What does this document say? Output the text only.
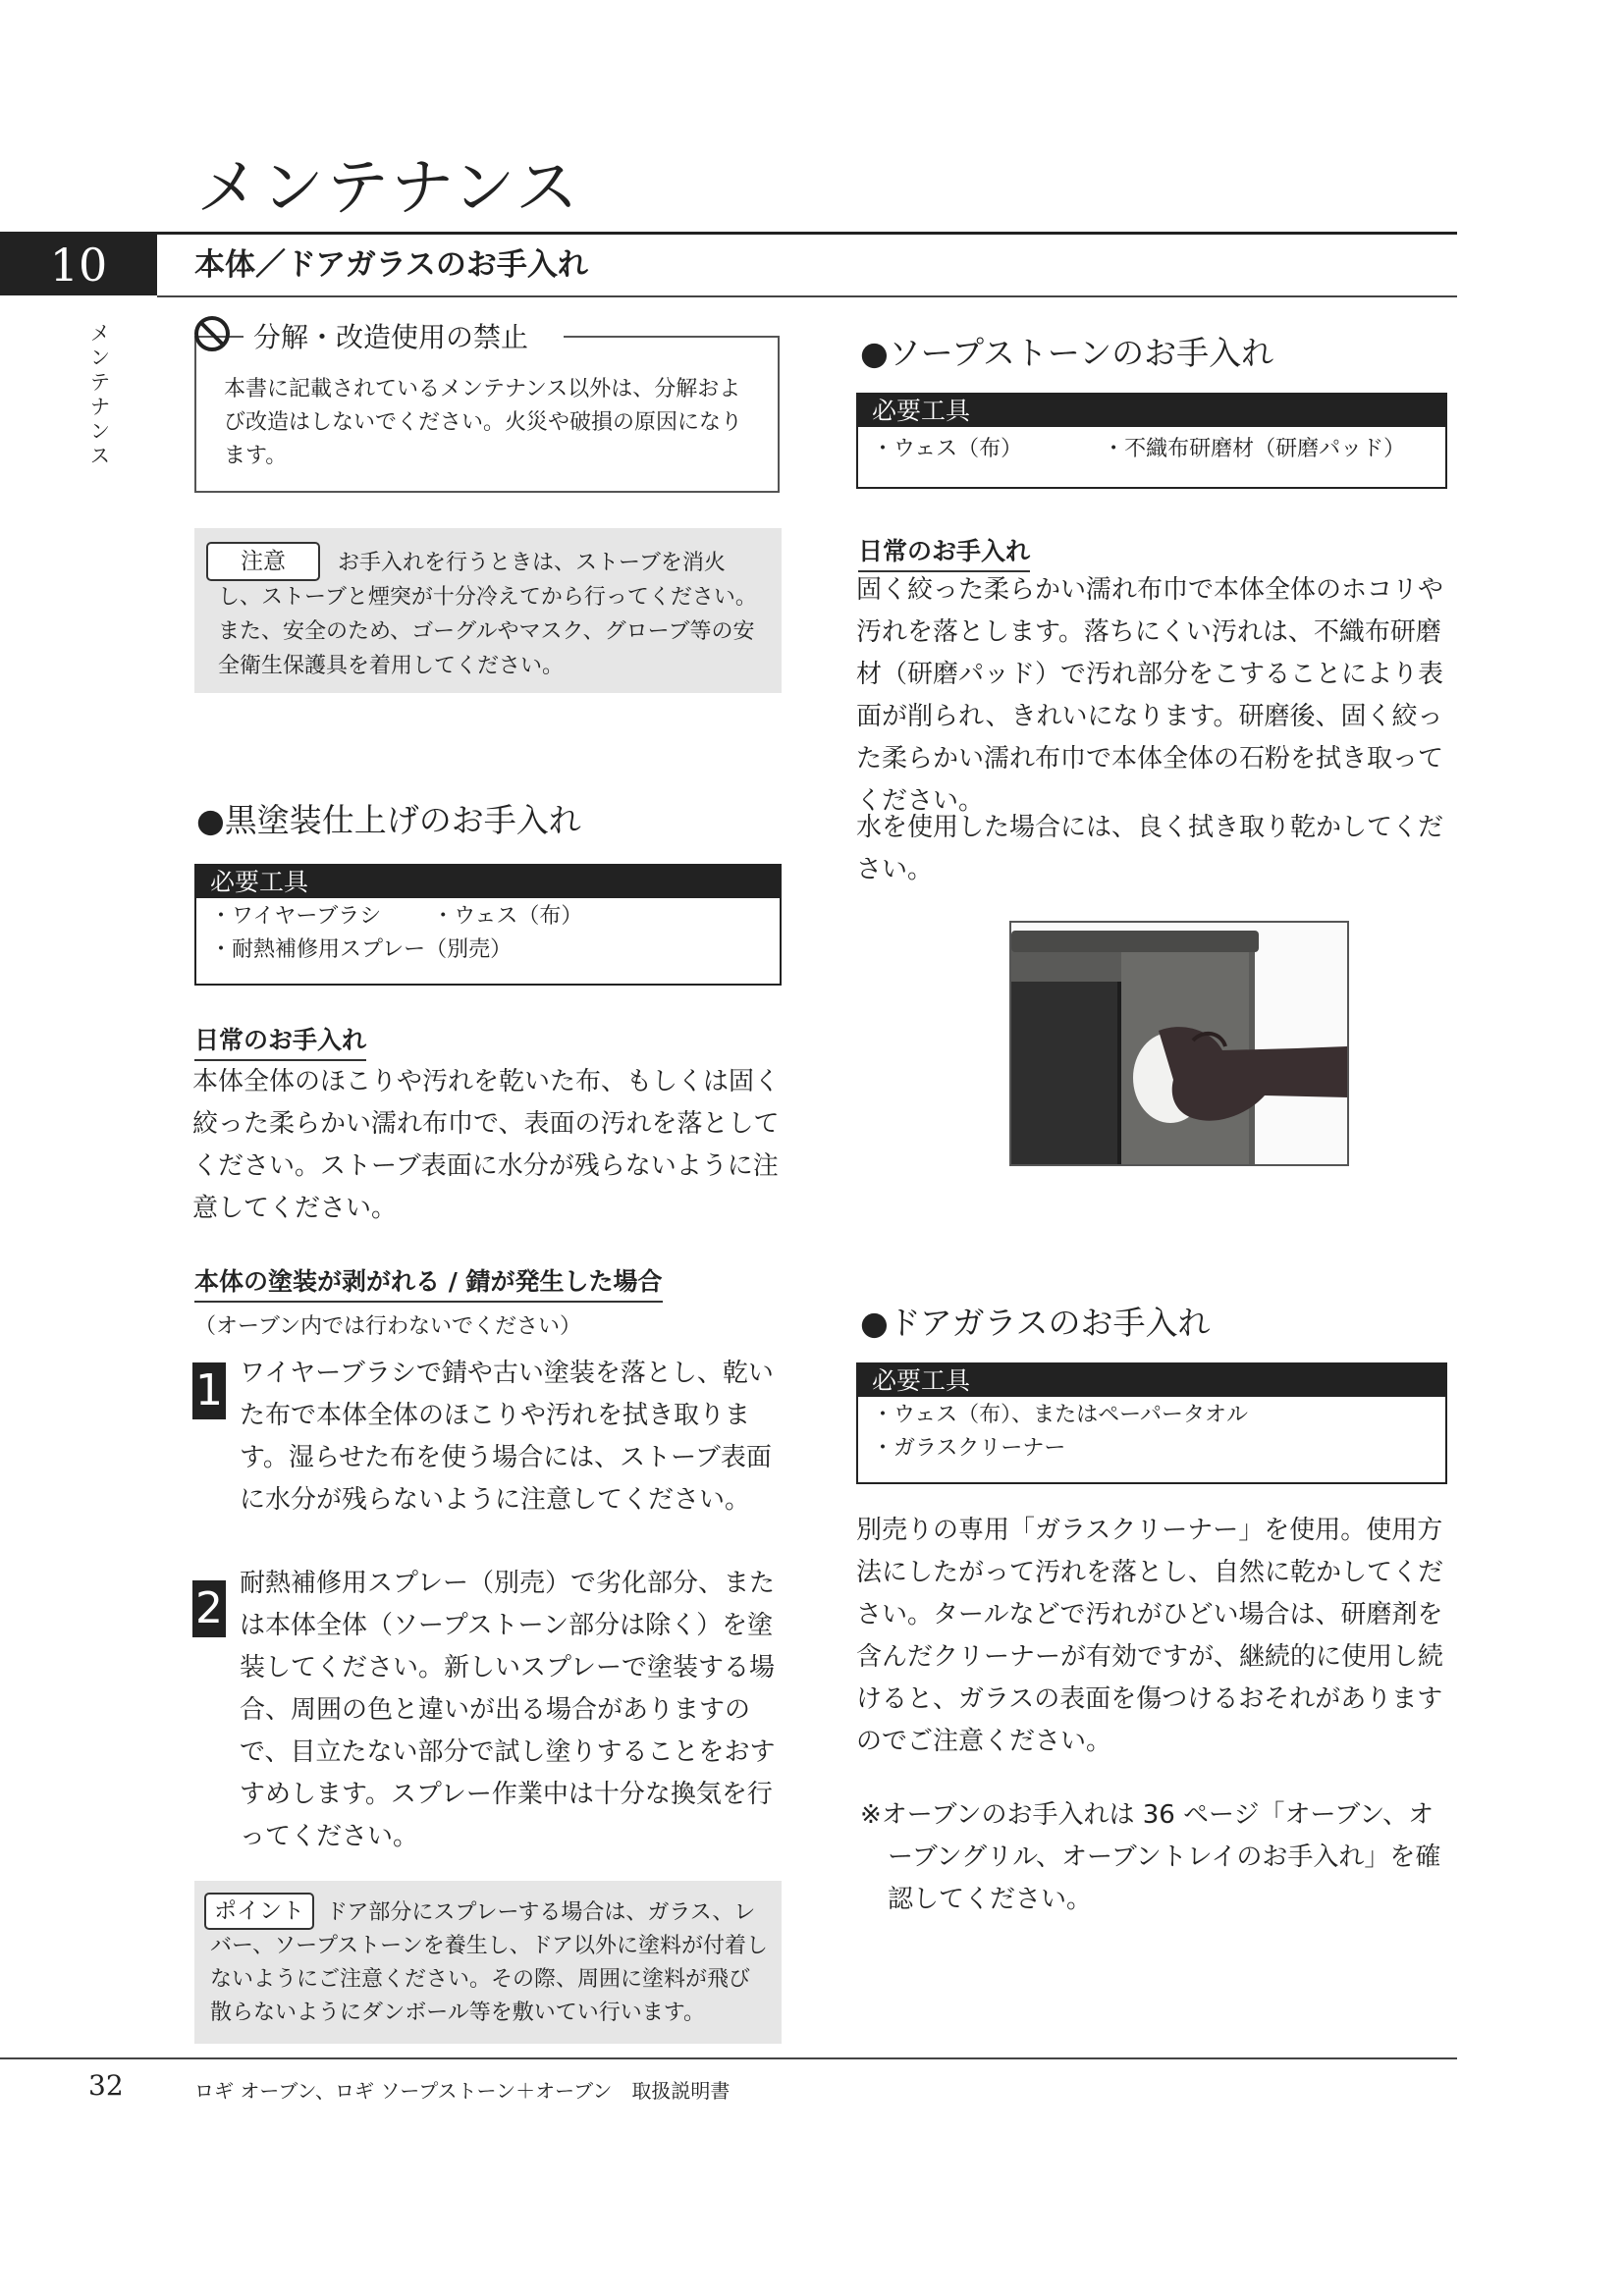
メンテナンス
10	本体／ドアガラスのお手入れ
メンテナンス	分解・改造使用の禁止
本書に記載されているメンテナンス以外は、分解および改造はしないでください。火災や破損の原因になります。
お手入れを行うときは、ストーブを消火し、ストーブと煙突が十分冷えてから行ってください。また、安全のため、ゴーグルやマスク、グローブ等の安全衛生保護具を着用してください。
注意
●黒塗装仕上げのお手入れ
必要工具
・ワイヤーブラシ ・ウェス（布）
・耐熱補修用スプレー（別売）
日常のお手入れ
本体全体のほこりや汚れを乾いた布、もしくは固く絞った柔らかい濡れ布巾で、表面の汚れを落としてください。ストーブ表面に水分が残らないように注意してください。
本体の塗装が剥がれる / 錆が発生した場合
（オーブン内では行わないでください）
1 ワイヤーブラシで錆や古い塗装を落とし、乾いた布で本体全体のほこりや汚れを拭き取ります。湿らせた布を使う場合には、ストーブ表面に水分が残らないように注意してください。
2 耐熱補修用スプレー（別売）で劣化部分、または本体全体（ソープストーン部分は除く）を塗装してください。新しいスプレーで塗装する場合、周囲の色と違いが出る場合がありますので、目立たない部分で試し塗りすることをおすすめします。スプレー作業中は十分な換気を行ってください。
ドア部分にスプレーする場合は、ガラス、レバー、ソープストーンを養生し、ドア以外に塗料が付着しないようにご注意ください。その際、周囲に塗料が飛び散らないようにダンボール等を敷いてい行います。
ポイント
●ソープストーンのお手入れ
必要工具
・ウェス（布）	・不織布研磨材（研磨パッド）
日常のお手入れ
固く絞った柔らかい濡れ布巾で本体全体のホコリや汚れを落とします。落ちにくい汚れは、不織布研磨材（研磨パッド）で汚れ部分をこすることにより表面が削られ、きれいになります。研磨後、固く絞った柔らかい濡れ布巾で本体全体の石粉を拭き取ってください。
水を使用した場合には、良く拭き取り乾かしてください。
●ドアガラスのお手入れ
必要工具
・ウェス（布）、またはペーパータオル
・ガラスクリーナー
別売りの専用「ガラスクリーナー」を使用。使用方法にしたがって汚れを落とし、自然に乾かしてください。タールなどで汚れがひどい場合は、研磨剤を含んだクリーナーが有効ですが、継続的に使用し続けると、ガラスの表面を傷つけるおそれがありますのでご注意ください。
※オーブンのお手入れは 36 ページ「オーブン、オーブングリル、オーブントレイのお手入れ」を確認してください。
32	ロギ オーブン、ロギ ソープストーン＋オーブン　取扱説明書
